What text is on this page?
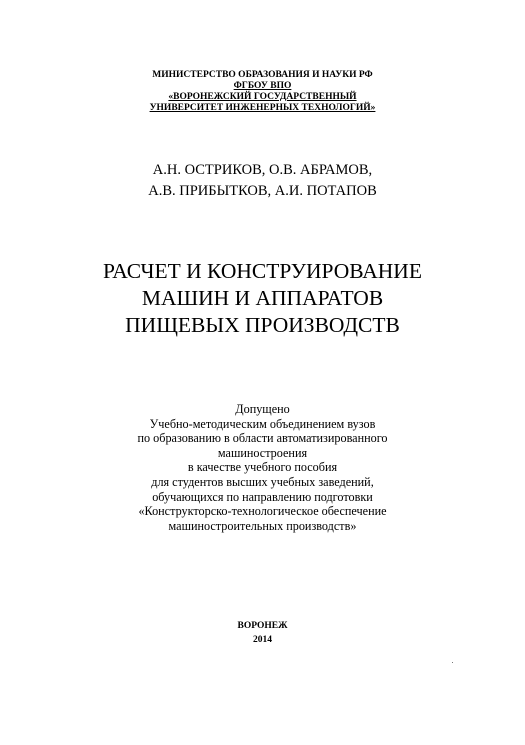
МИНИСТЕРСТВО ОБРАЗОВАНИЯ И НАУКИ РФ
ФГБОУ ВПО
«ВОРОНЕЖСКИЙ ГОСУДАРСТВЕННЫЙ
УНИВЕРСИТЕТ ИНЖЕНЕРНЫХ ТЕХНОЛОГИЙ»
А.Н. ОСТРИКОВ, О.В. АБРАМОВ,
А.В. ПРИБЫТКОВ, А.И. ПОТАПОВ
РАСЧЕТ И КОНСТРУИРОВАНИЕ
МАШИН И АППАРАТОВ
ПИЩЕВЫХ ПРОИЗВОДСТВ
Допущено
Учебно-методическим объединением вузов
по образованию в области автоматизированного
машиностроения
в качестве учебного пособия
для студентов высших учебных заведений,
обучающихся по направлению подготовки
«Конструкторско-технологическое обеспечение
машиностроительных производств»
ВОРОНЕЖ
2014
